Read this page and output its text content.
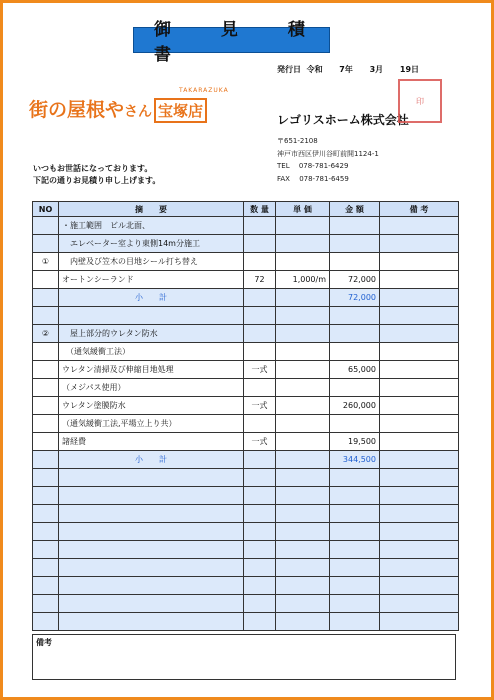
御 見 積 書
発行日 令和 7年 3月 19日
TAKARAZUKA
街の屋根やさん 宝塚店	レゴリスホーム株式会社
印
〒651-2108
神戸市西区伊川谷町前開1124-1
TEL　 078-781-6429
FAX　 078-781-6459
いつもお世話になっております。
下記の通りお見積り申し上げます。
NO	摘　　要	数 量	単 価	金 額	備 考
	・施工範囲　ビル北面、				
	　エレベーター室より東側14m分施工				
①	　内壁及び笠木の目地シール打ち替え				
	オートンシーランド	72	1,000/m	72,000	
	小　　計			72,000	

②	　屋上部分的ウレタン防水				
	　（通気緩衝工法）				
	ウレタン清掃及び伸縮目地処理	一式		65,000	
	（メジパス使用）				
	ウレタン塗膜防水	一式		260,000	
	（通気緩衝工法,平場立上り共）				
	諸経費	一式		19,500	
	小　　計			344,500	

備考
